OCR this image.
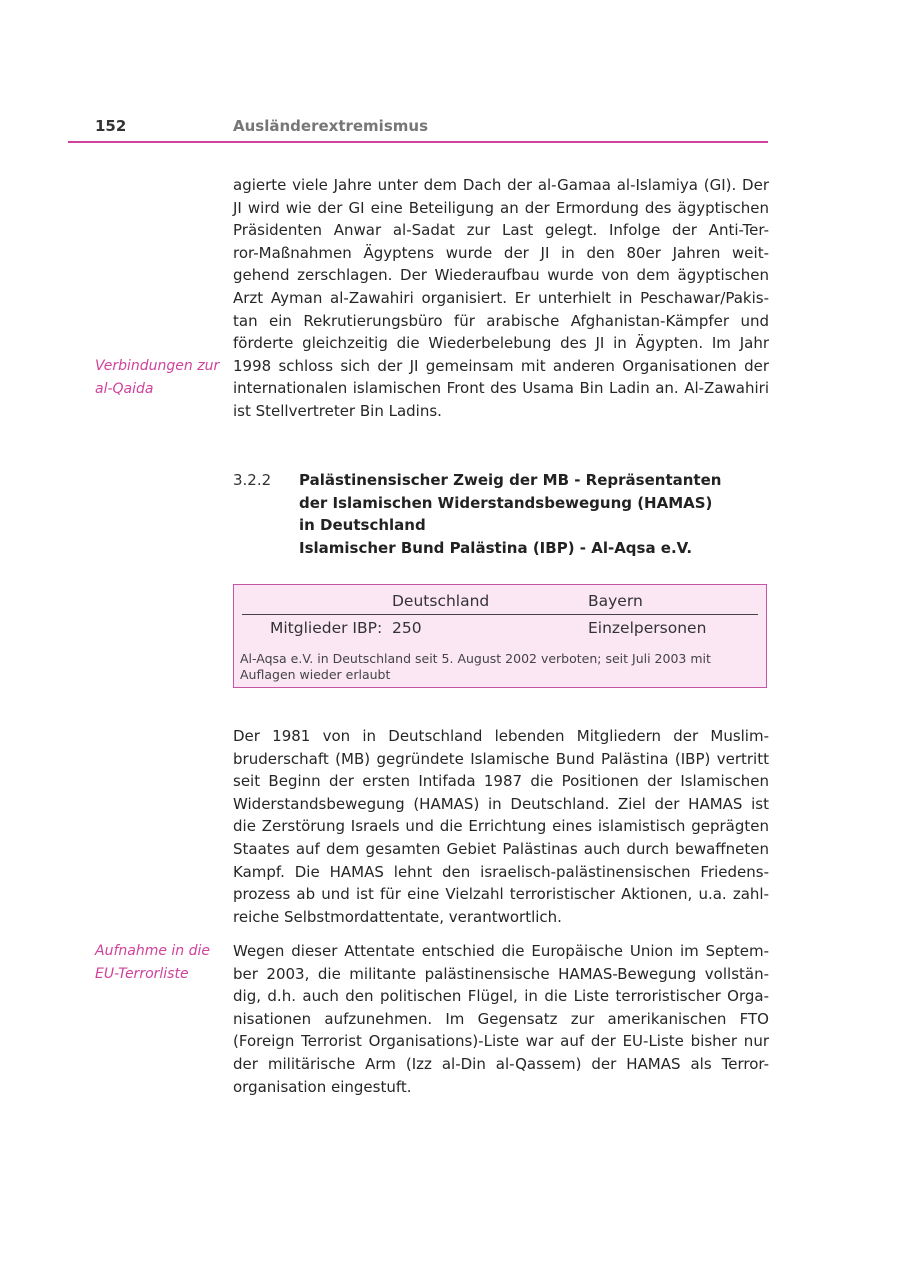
152	Ausländerextremismus

agierte viele Jahre unter dem Dach der al-Gamaa al-Islamiya (GI). Der
JI wird wie der GI eine Beteiligung an der Ermordung des ägyptischen
Präsidenten Anwar al-Sadat zur Last gelegt. Infolge der Anti-Ter-
ror-Maßnahmen Ägyptens wurde der JI in den 80er Jahren weit-
gehend zerschlagen. Der Wiederaufbau wurde von dem ägyptischen
Arzt Ayman al-Zawahiri organisiert. Er unterhielt in Peschawar/Pakis-
tan ein Rekrutierungsbüro für arabische Afghanistan-Kämpfer und
förderte gleichzeitig die Wiederbelebung des JI in Ägypten. Im Jahr
1998 schloss sich der JI gemeinsam mit anderen Organisationen der
internationalen islamischen Front des Usama Bin Ladin an. Al-Zawahiri
ist Stellvertreter Bin Ladins.

Verbindungen zur
al-Qaida
3.2.2 Palästinensischer Zweig der MB - Repräsentanten
der Islamischen Widerstandsbewegung (HAMAS)
in Deutschland
Islamischer Bund Palästina (IBP) - Al-Aqsa e.V.
Deutschland	Bayern
Mitglieder IBP: 250	Einzelpersonen
Al-Aqsa e.V. in Deutschland seit 5. August 2002 verboten; seit Juli 2003 mit
Auflagen wieder erlaubt

Der 1981 von in Deutschland lebenden Mitgliedern der Muslim-
bruderschaft (MB) gegründete Islamische Bund Palästina (IBP) vertritt
seit Beginn der ersten Intifada 1987 die Positionen der Islamischen
Widerstandsbewegung (HAMAS) in Deutschland. Ziel der HAMAS ist
die Zerstörung Israels und die Errichtung eines islamistisch geprägten
Staates auf dem gesamten Gebiet Palästinas auch durch bewaffneten
Kampf. Die HAMAS lehnt den israelisch-palästinensischen Friedens-
prozess ab und ist für eine Vielzahl terroristischer Aktionen, u.a. zahl-
reiche Selbstmordattentate, verantwortlich.

Aufnahme in die
EU-Terrorliste

Wegen dieser Attentate entschied die Europäische Union im Septem-
ber 2003, die militante palästinensische HAMAS-Bewegung vollstän-
dig, d.h. auch den politischen Flügel, in die Liste terroristischer Orga-
nisationen aufzunehmen. Im Gegensatz zur amerikanischen FTO
(Foreign Terrorist Organisations)-Liste war auf der EU-Liste bisher nur
der militärische Arm (Izz al-Din al-Qassem) der HAMAS als Terror-
organisation eingestuft.
